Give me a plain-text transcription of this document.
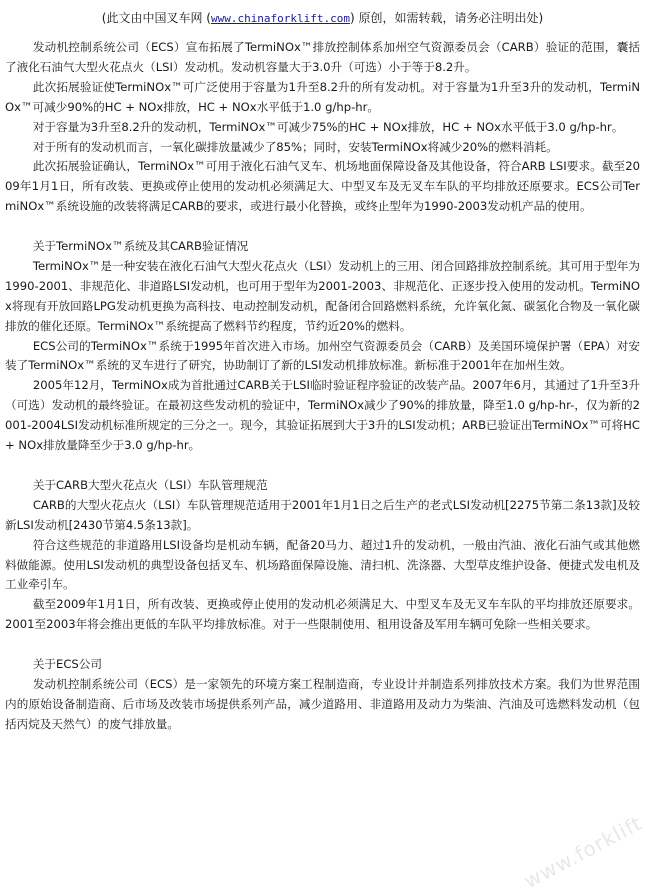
(此文由中国叉车网 (www.chinaforklift.com) 原创，如需转载，请务必注明出处)

发动机控制系统公司（ECS）宣布拓展了TermiNOx™排放控制体系加州空气资源委员会（CARB）验证的范围，囊括了液化石油气大型火花点火（LSI）发动机。发动机容量大于3.0升（可选）小于等于8.2升。

此次拓展验证使TermiNOx™可广泛使用于容量为1升至8.2升的所有发动机。对于容量为1升至3升的发动机，TermiNOx™可减少90%的HC + NOx排放，HC + NOx水平低于1.0 g/hp-hr。

对于容量为3升至8.2升的发动机，TermiNOx™可减少75%的HC + NOx排放，HC + NOx水平低于3.0 g/hp-hr。

对于所有的发动机而言，一氧化碳排放量减少了85%；同时，安装TermiNOx将减少20%的燃料消耗。

此次拓展验证确认，TermiNOx™可用于液化石油气叉车、机场地面保障设备及其他设备，符合ARB LSI要求。截至2009年1月1日，所有改装、更换或停止使用的发动机必须满足大、中型叉车及无叉车车队的平均排放还原要求。ECS公司TermiNOx™系统设施的改装将满足CARB的要求，或进行最小化替换，或终止型年为1990-2003发动机产品的使用。

关于TermiNOx™系统及其CARB验证情况

TermiNOx™是一种安装在液化石油气大型火花点火（LSI）发动机上的三用、闭合回路排放控制系统。其可用于型年为1990-2001、非规范化、非道路LSI发动机，也可用于型年为2001-2003、非规范化、正逐步投入使用的发动机。TermiNOx将现有开放回路LPG发动机更换为高科技、电动控制发动机，配备闭合回路燃料系统，允许氧化氮、碳氢化合物及一氧化碳排放的催化还原。TermiNOx™系统提高了燃料节约程度，节约近20%的燃料。

ECS公司的TermiNOx™系统于1995年首次进入市场。加州空气资源委员会（CARB）及美国环境保护署（EPA）对安装了TermiNOx™系统的叉车进行了研究，协助制订了新的LSI发动机排放标准。新标准于2001年在加州生效。

2005年12月，TermiNOx成为首批通过CARB关于LSI临时验证程序验证的改装产品。2007年6月，其通过了1升至3升（可选）发动机的最终验证。在最初这些发动机的验证中，TermiNOx减少了90%的排放量，降至1.0 g/hp-hr-，仅为新的2001-2004LSI发动机标准所规定的三分之一。现今，其验证拓展到大于3升的LSI发动机；ARB已验证出TermiNOx™可将HC + NOx排放量降至少于3.0 g/hp-hr。

关于CARB大型火花点火（LSI）车队管理规范

CARB的大型火花点火（LSI）车队管理规范适用于2001年1月1日之后生产的老式LSI发动机[2275节第二条13款]及较新LSI发动机[2430节第4.5条13款]。

符合这些规范的非道路用LSI设备均是机动车辆，配备20马力、超过1升的发动机，一般由汽油、液化石油气或其他燃料做能源。使用LSI发动机的典型设备包括叉车、机场路面保障设施、清扫机、洗涤器、大型草皮维护设备、便捷式发电机及工业牵引车。

截至2009年1月1日，所有改装、更换或停止使用的发动机必须满足大、中型叉车及无叉车车队的平均排放还原要求。2001至2003年将会推出更低的车队平均排放标准。对于一些限制使用、租用设备及军用车辆可免除一些相关要求。

关于ECS公司

发动机控制系统公司（ECS）是一家领先的环境方案工程制造商，专业设计并制造系列排放技术方案。我们为世界范围内的原始设备制造商、后市场及改装市场提供系列产品，减少道路用、非道路用及动力为柴油、汽油及可选燃料发动机（包括丙烷及天然气）的废气排放量。

www.forklift
